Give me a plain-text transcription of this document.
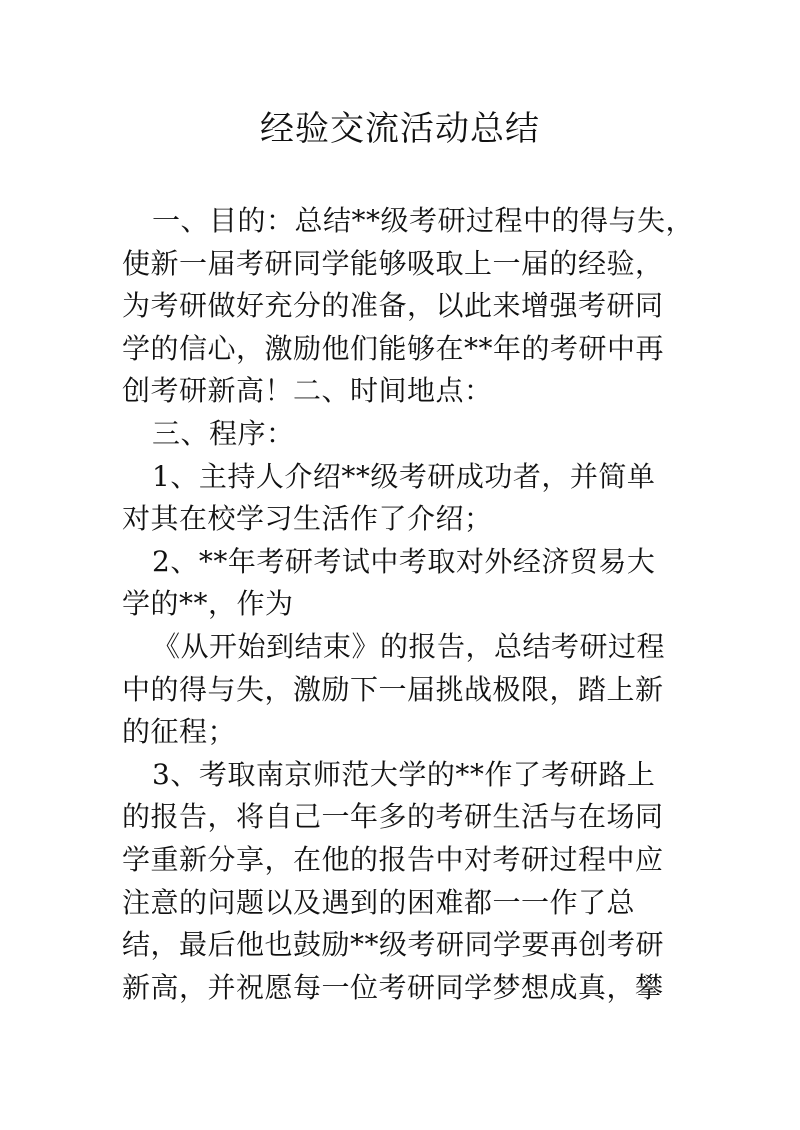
经验交流活动总结
一、目的：总结**级考研过程中的得与失，
使新一届考研同学能够吸取上一届的经验，
为考研做好充分的准备，以此来增强考研同
学的信心，激励他们能够在**年的考研中再
创考研新高！二、时间地点：
三、程序：
1、主持人介绍**级考研成功者，并简单
对其在校学习生活作了介绍；
2、**年考研考试中考取对外经济贸易大
学的**，作为
《从开始到结束》的报告，总结考研过程
中的得与失，激励下一届挑战极限，踏上新
的征程；
3、考取南京师范大学的**作了考研路上
的报告，将自己一年多的考研生活与在场同
学重新分享，在他的报告中对考研过程中应
注意的问题以及遇到的困难都一一作了总
结，最后他也鼓励**级考研同学要再创考研
新高，并祝愿每一位考研同学梦想成真，攀
